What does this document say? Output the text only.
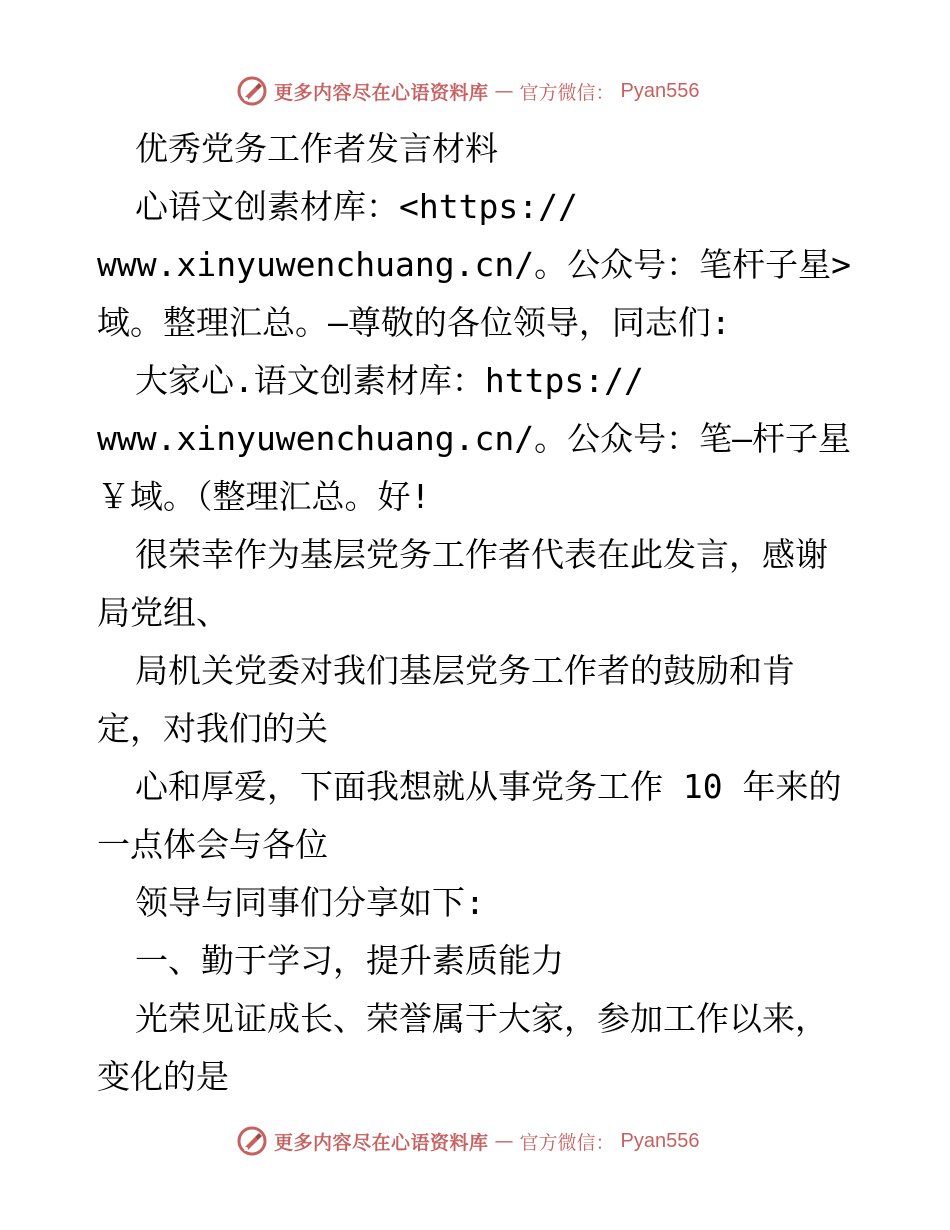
更多内容尽在心语资料库 — 官方微信： Pyan556
优秀党务工作者发言材料
心语文创素材库：<https://
www.xinyuwenchuang.cn/。公众号：笔杆子星>
域。整理汇总。—尊敬的各位领导，同志们:
大家心.语文创素材库：https://
www.xinyuwenchuang.cn/。公众号：笔—杆子星
￥域。（整理汇总。好!
很荣幸作为基层党务工作者代表在此发言，感谢
局党组、
局机关党委对我们基层党务工作者的鼓励和肯
定，对我们的关
心和厚爱，下面我想就从事党务工作 10 年来的
一点体会与各位
领导与同事们分享如下:
一、勤于学习，提升素质能力
光荣见证成长、荣誉属于大家，参加工作以来，
变化的是
更多内容尽在心语资料库 — 官方微信： Pyan556
